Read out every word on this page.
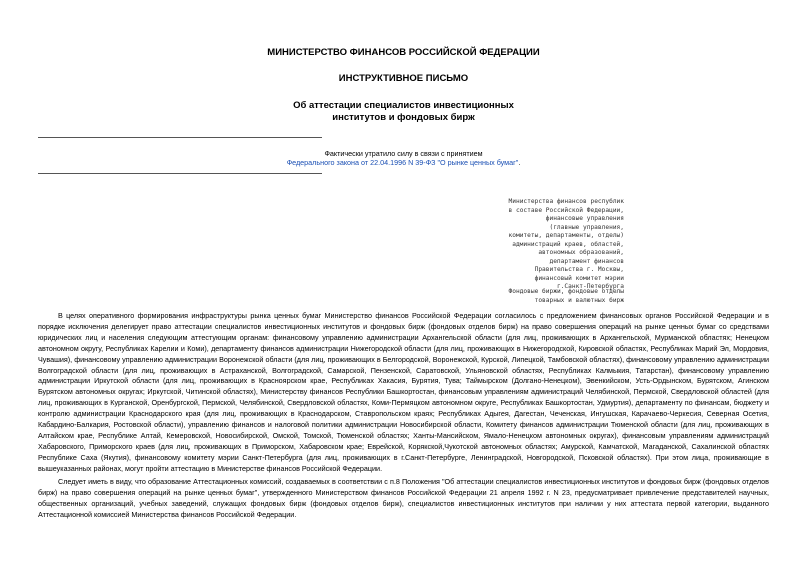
МИНИСТЕРСТВО ФИНАНСОВ РОССИЙСКОЙ ФЕДЕРАЦИИ
ИНСТРУКТИВНОЕ ПИСЬМО
Об аттестации специалистов инвестиционных
институтов и фондовых бирж
Фактически утратило силу в связи с принятием
Федерального закона от 22.04.1996 N 39-ФЗ "О рынке ценных бумаг".
Министерства финансов республик
в составе Российской Федерации,
финансовые управления
(главные управления,
комитеты, департаменты, отделы)
администраций краев, областей,
автономных образований,
департамент финансов
Правительства г. Москвы,
финансовый комитет мэрии
г.Санкт-Петербурга
Фондовые биржи, фондовые отделы
товарных и валютных бирж

В целях оперативного формирования инфраструктуры рынка ценных бумаг Министерство финансов Российской Федерации согласилось с предложением финансовых органов Российской Федерации и в порядке исключения делегирует право аттестации специалистов инвестиционных институтов и фондовых бирж (фондовых отделов бирж) на право совершения операций на рынке ценных бумаг со средствами юридических лиц и населения следующим аттестующим органам: финансовому управлению администрации Архангельской области (для лиц, проживающих в Архангельской, Мурманской областях; Ненецком автономном округу, Республиках Карелии и Коми), департаменту финансов администрации Нижегородской области (для лиц, проживающих в Нижегородской, Кировской областях, Республиках Марий Эл, Мордовия, Чувашия), финансовому управлению администрации Воронежской области (для лиц, проживающих в Белгородской, Воронежской, Курской, Липецкой, Тамбовской областях), финансовому управлению администрации Волгоградской области (для лиц, проживающих в Астраханской, Волгоградской, Самарской, Пензенской, Саратовской, Ульяновской областях, Республиках Калмыкия, Татарстан), финансовому управлению администрации Иркутской области (для лиц, проживающих в Красноярском крае, Республиках Хакасия, Бурятия, Тува; Таймырском (Долгано-Ненецком), Эвенкийском, Усть-Ордынском, Бурятском, Агинском Бурятском автономных округах; Иркутской, Читинской областях), Министерству финансов Республики Башкортостан, финансовым управлениям администраций Челябинской, Пермской, Свердловской областей (для лиц, проживающих в Курганской, Оренбургской, Пермской, Челябинской, Свердловской областях, Коми-Пермяцком автономном округе, Республиках Башкортостан, Удмуртия), департаменту по финансам, бюджету и контролю администрации Краснодарского края (для лиц, проживающих в Краснодарском, Ставропольском краях; Республиках Адыгея, Дагестан, Чеченская, Ингушская, Карачаево-Черкесия, Северная Осетия, Кабардино-Балкария, Ростовской области), управлению финансов и налоговой политики администрации Новосибирской области, Комитету финансов администрации Тюменской области (для лиц, проживающих в Алтайском крае, Республике Алтай, Кемеровской, Новосибирской, Омской, Томской, Тюменской областях; Ханты-Мансийском, Ямало-Ненецком автономных округах), финансовым управлениям администраций Хабаровского, Приморского краев (для лиц, проживающих в Приморском, Хабаровском крае; Еврейской, Корякской,Чукотской автономных областях; Амурской, Камчатской, Магаданской, Сахалинской областях Республике Саха (Якутия), финансовому комитету мэрии Санкт-Петербурга (для лиц, проживающих в г.Санкт-Петербурге, Ленинградской, Новгородской, Псковской областях). При этом лица, проживающие в вышеуказанных районах, могут пройти аттестацию в Министерстве финансов Российской Федерации.

Следует иметь в виду, что образование Аттестационных комиссий, создаваемых в соответствии с п.8 Положения "Об аттестации специалистов инвестиционных институтов и фондовых бирж (фондовых отделов бирж) на право совершения операций на рынке ценных бумаг", утвержденного Министерством финансов Российской Федерации 21 апреля 1992 г. N 23, предусматривает привлечение представителей научных, общественных организаций, учебных заведений, служащих фондовых бирж (фондовых отделов бирж), специалистов инвестиционных институтов при наличии у них аттестата первой категории, выданного Аттестационной комиссией Министерства финансов Российской Федерации.
